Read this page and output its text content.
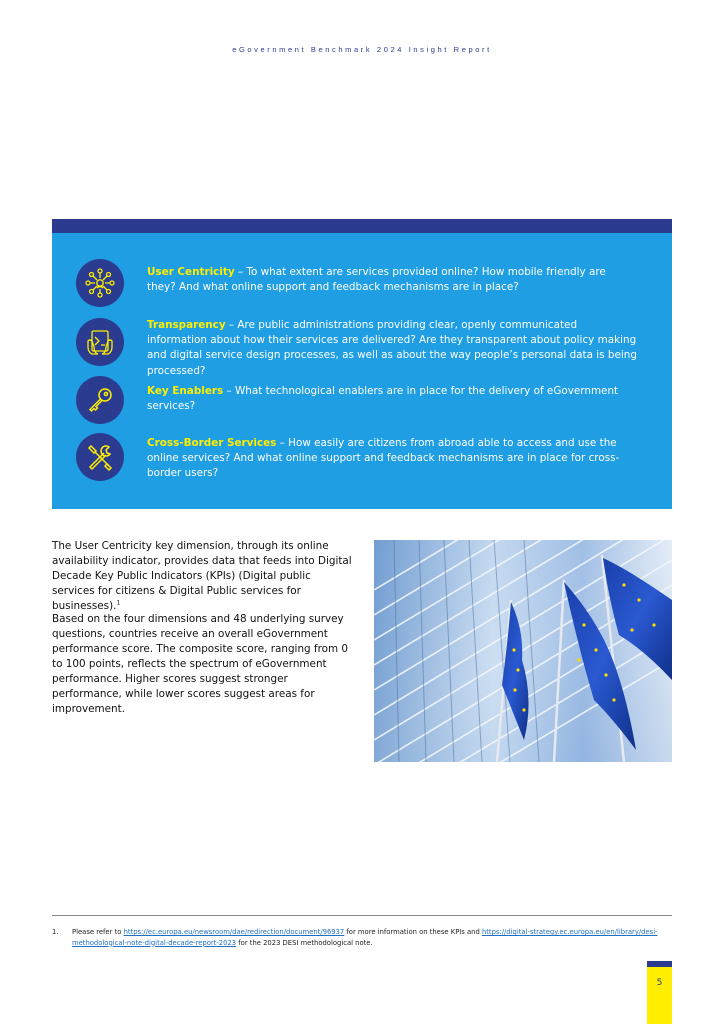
eGovernment Benchmark 2024 Insight Report

User Centricity – To what extent are services provided online? How mobile friendly are they? And what online support and feedback mechanisms are in place?

Transparency – Are public administrations providing clear, openly communicated information about how their services are delivered? Are they transparent about policy making and digital service design processes, as well as about the way people’s personal data is being processed?

Key Enablers – What technological enablers are in place for the delivery of eGovernment services?

Cross-Border Services – How easily are citizens from abroad able to access and use the online services? And what online support and feedback mechanisms are in place for cross-border users?

The User Centricity key dimension, through its online availability indicator, provides data that feeds into Digital Decade Key Public Indicators (KPIs) (Digital public services for citizens & Digital Public services for businesses).$^1$

Based on the four dimensions and 48 underlying survey questions, countries receive an overall eGovernment performance score. The composite score, ranging from 0 to 100 points, reflects the spectrum of eGovernment performance. Higher scores suggest stronger performance, while lower scores suggest areas for improvement.

1. Please refer to https://ec.europa.eu/newsroom/dae/redirection/document/96937 for more information on these KPIs and https://digital-strategy.ec.europa.eu/en/library/desi-methodological-note-digital-decade-report-2023 for the 2023 DESI methodological note.
5
